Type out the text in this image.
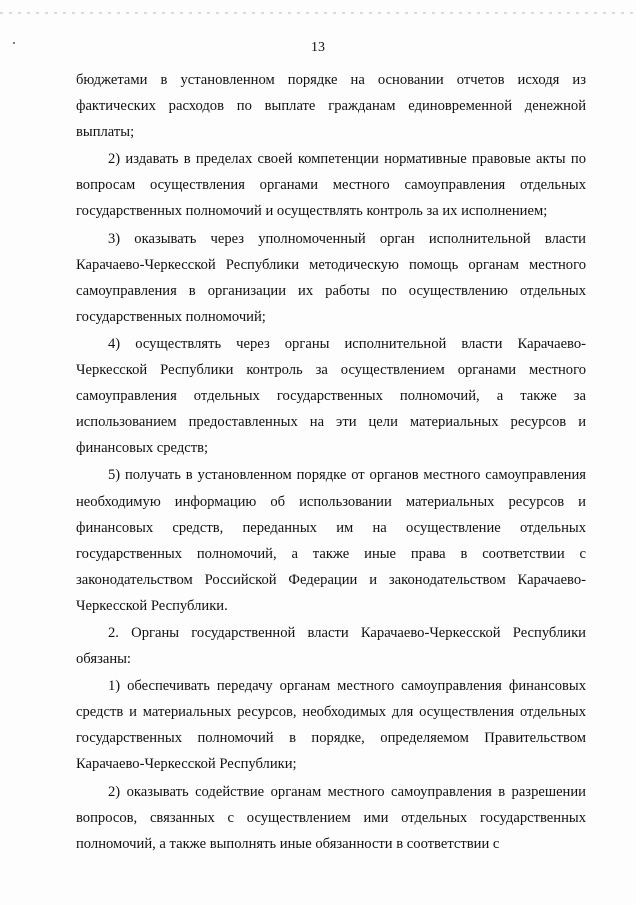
13

бюджетами в установленном порядке на основании отчетов исходя из фактических расходов по выплате гражданам единовременной денежной выплаты;

2) издавать в пределах своей компетенции нормативные правовые акты по вопросам осуществления органами местного самоуправления отдельных государственных полномочий и осуществлять контроль за их исполнением;

3) оказывать через уполномоченный орган исполнительной власти Карачаево-Черкесской Республики методическую помощь органам местного самоуправления в организации их работы по осуществлению отдельных государственных полномочий;

4) осуществлять через органы исполнительной власти Карачаево-Черкесской Республики контроль за осуществлением органами местного самоуправления отдельных государственных полномочий, а также за использованием предоставленных на эти цели материальных ресурсов и финансовых средств;

5) получать в установленном порядке от органов местного самоуправления необходимую информацию об использовании материальных ресурсов и финансовых средств, переданных им на осуществление отдельных государственных полномочий, а также иные права в соответствии с законодательством Российской Федерации и законодательством Карачаево-Черкесской Республики.

2. Органы государственной власти Карачаево-Черкесской Республики обязаны:

1) обеспечивать передачу органам местного самоуправления финансовых средств и материальных ресурсов, необходимых для осуществления отдельных государственных полномочий в порядке, определяемом Правительством Карачаево-Черкесской Республики;

2) оказывать содействие органам местного самоуправления в разрешении вопросов, связанных с осуществлением ими отдельных государственных полномочий, а также выполнять иные обязанности в соответствии с
